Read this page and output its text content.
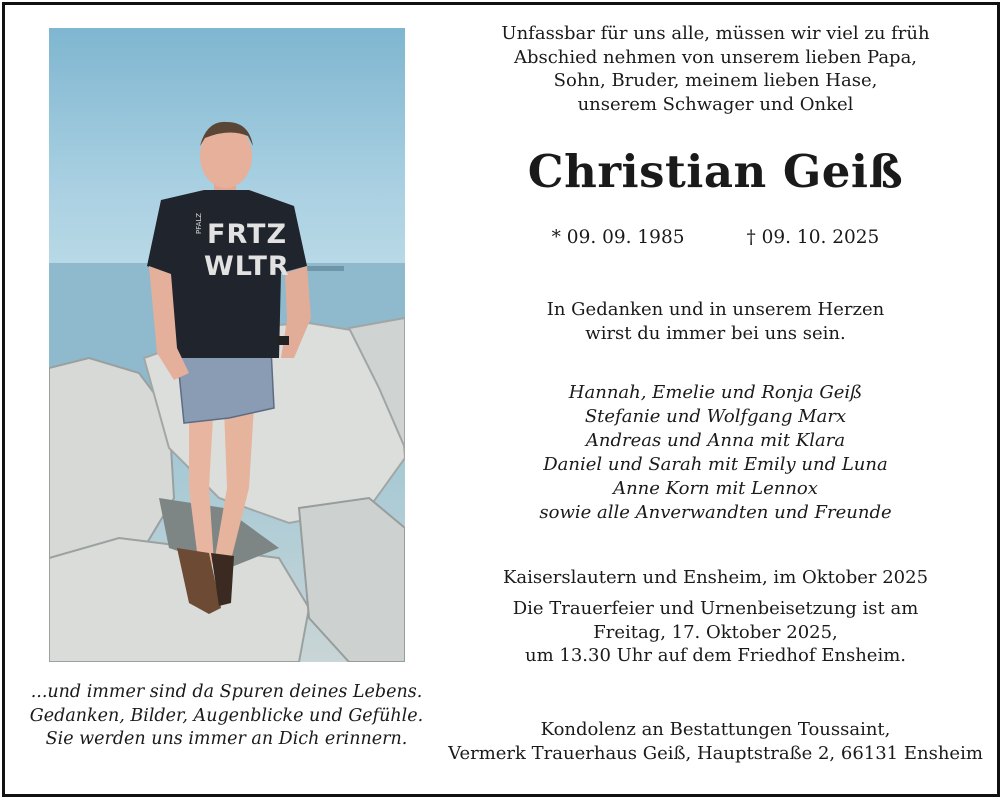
PFALZ FRTZ
WLTR
...und immer sind da Spuren deines Lebens.
Gedanken, Bilder, Augenblicke und Gefühle.
Sie werden uns immer an Dich erinnern.
Unfassbar für uns alle, müssen wir viel zu früh
Abschied nehmen von unserem lieben Papa,
Sohn, Bruder, meinem lieben Hase,
unserem Schwager und Onkel
Christian Geiß
* 09. 09. 1985	† 09. 10. 2025
In Gedanken und in unserem Herzen
wirst du immer bei uns sein.
Hannah, Emelie und Ronja Geiß
Stefanie und Wolfgang Marx
Andreas und Anna mit Klara
Daniel und Sarah mit Emily und Luna
Anne Korn mit Lennox
sowie alle Anverwandten und Freunde
Kaiserslautern und Ensheim, im Oktober 2025
Die Trauerfeier und Urnenbeisetzung ist am
Freitag, 17. Oktober 2025,
um 13.30 Uhr auf dem Friedhof Ensheim.
Kondolenz an Bestattungen Toussaint,
Vermerk Trauerhaus Geiß, Hauptstraße 2, 66131 Ensheim
